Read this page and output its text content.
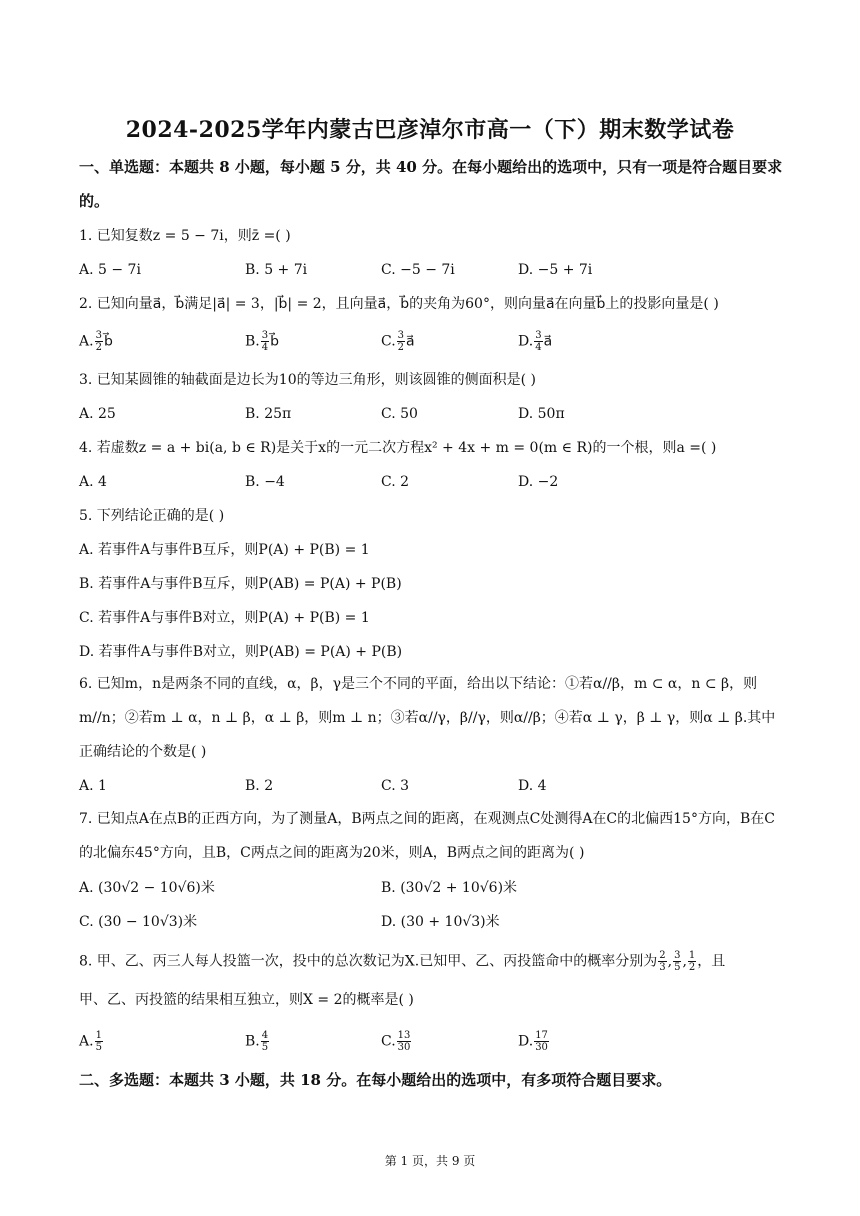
2024-2025学年内蒙古巴彦淖尔市高一（下）期末数学试卷
一、单选题：本题共 8 小题，每小题 5 分，共 40 分。在每小题给出的选项中，只有一项是符合题目要求的。
1. 已知复数z = 5 − 7i，则z̄ =( )
A. 5 − 7i	B. 5 + 7i	C. −5 − 7i	D. −5 + 7i
2. 已知向量a⃗，b⃗满足|a⃗| = 3，|b⃗| = 2，且向量a⃗，b⃗的夹角为60°，则向量a⃗在向量b⃗上的投影向量是( )
A. $\frac{3}{2}$ b⃗	B. $\frac{3}{4}$ b⃗	C. $\frac{3}{2}$ a⃗	D. $\frac{3}{4}$ a⃗
3. 已知某圆锥的轴截面是边长为10的等边三角形，则该圆锥的侧面积是( )
A. 25	B. 25π	C. 50	D. 50π
4. 若虚数z = a + bi(a, b ∈ R)是关于x的一元二次方程x² + 4x + m = 0(m ∈ R)的一个根，则a =( )
A. 4	B. −4	C. 2	D. −2
5. 下列结论正确的是( )
A. 若事件A与事件B互斥，则P(A) + P(B) = 1
B. 若事件A与事件B互斥，则P(AB) = P(A) + P(B)
C. 若事件A与事件B对立，则P(A) + P(B) = 1
D. 若事件A与事件B对立，则P(AB) = P(A) + P(B)
6. 已知m，n是两条不同的直线，α，β，γ是三个不同的平面，给出以下结论：①若α//β，m ⊂ α，n ⊂ β，则m//n；②若m ⊥ α，n ⊥ β，α ⊥ β，则m ⊥ n；③若α//γ，β//γ，则α//β；④若α ⊥ γ，β ⊥ γ，则α ⊥ β.其中正确结论的个数是( )
A. 1	B. 2	C. 3	D. 4
7. 已知点A在点B的正西方向，为了测量A，B两点之间的距离，在观测点C处测得A在C的北偏西15°方向，B在C的北偏东45°方向，且B，C两点之间的距离为20米，则A，B两点之间的距离为( )
A. (30√2 − 10√6)米	B. (30√2 + 10√6)米
C. (30 − 10√3)米	D. (30 + 10√3)米
8. 甲、乙、丙三人每人投篮一次，投中的总次数记为X.已知甲、乙、丙投篮命中的概率分别为 $\frac{2}{3}$ , $\frac{3}{5}$ , $\frac{1}{2}$ ，且
甲、乙、丙投篮的结果相互独立，则X = 2的概率是( )
A. $\frac{1}{5}$	B. $\frac{4}{5}$	C. $\frac{13}{30}$	D. $\frac{17}{30}$
二、多选题：本题共 3 小题，共 18 分。在每小题给出的选项中，有多项符合题目要求。
第 1 页，共 9 页
